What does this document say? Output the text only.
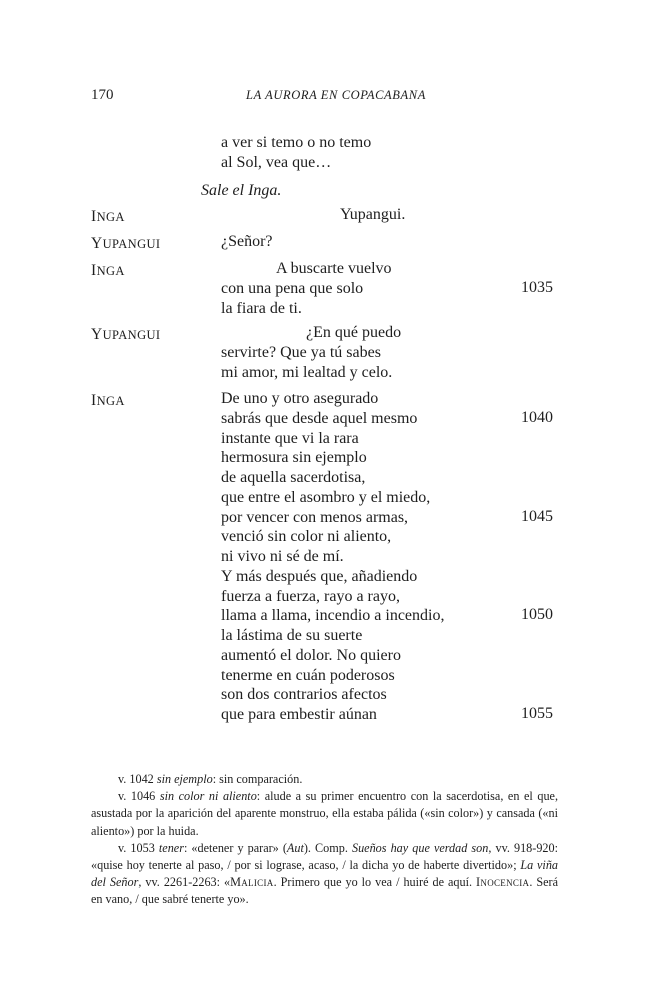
170	LA AURORA EN COPACABANA
a ver si temo o no temo
al Sol, vea que…
Sale el Inga.
INGA	Yupangui.
YUPANGUI	¿Señor?
INGA	A buscarte vuelvo
con una pena que solo	1035
la fiara de ti.
YUPANGUI	¿En qué puedo
servirte? Que ya tú sabes
mi amor, mi lealtad y celo.
INGA	De uno y otro asegurado
sabrás que desde aquel mesmo	1040
instante que vi la rara
hermosura sin ejemplo
de aquella sacerdotisa,
que entre el asombro y el miedo,
por vencer con menos armas,	1045
venció sin color ni aliento,
ni vivo ni sé de mí.
Y más después que, añadiendo
fuerza a fuerza, rayo a rayo,
llama a llama, incendio a incendio,	1050
la lástima de su suerte
aumentó el dolor. No quiero
tenerme en cuán poderosos
son dos contrarios afectos
que para embestir aúnan	1055

v. 1042 sin ejemplo: sin comparación.

v. 1046 sin color ni aliento: alude a su primer encuentro con la sacerdotisa, en el que, asustada por la aparición del aparente monstruo, ella estaba pálida («sin color») y cansada («ni aliento») por la huida.

v. 1053 tener: «detener y parar» (Aut). Comp. Sueños hay que verdad son, vv. 918-920: «quise hoy tenerte al paso, / por si lograse, acaso, / la dicha yo de haberte divertido»; La viña del Señor, vv. 2261-2263: «Malicia. Primero que yo lo vea / huiré de aquí. Inocencia. Será en vano, / que sabré tenerte yo».
